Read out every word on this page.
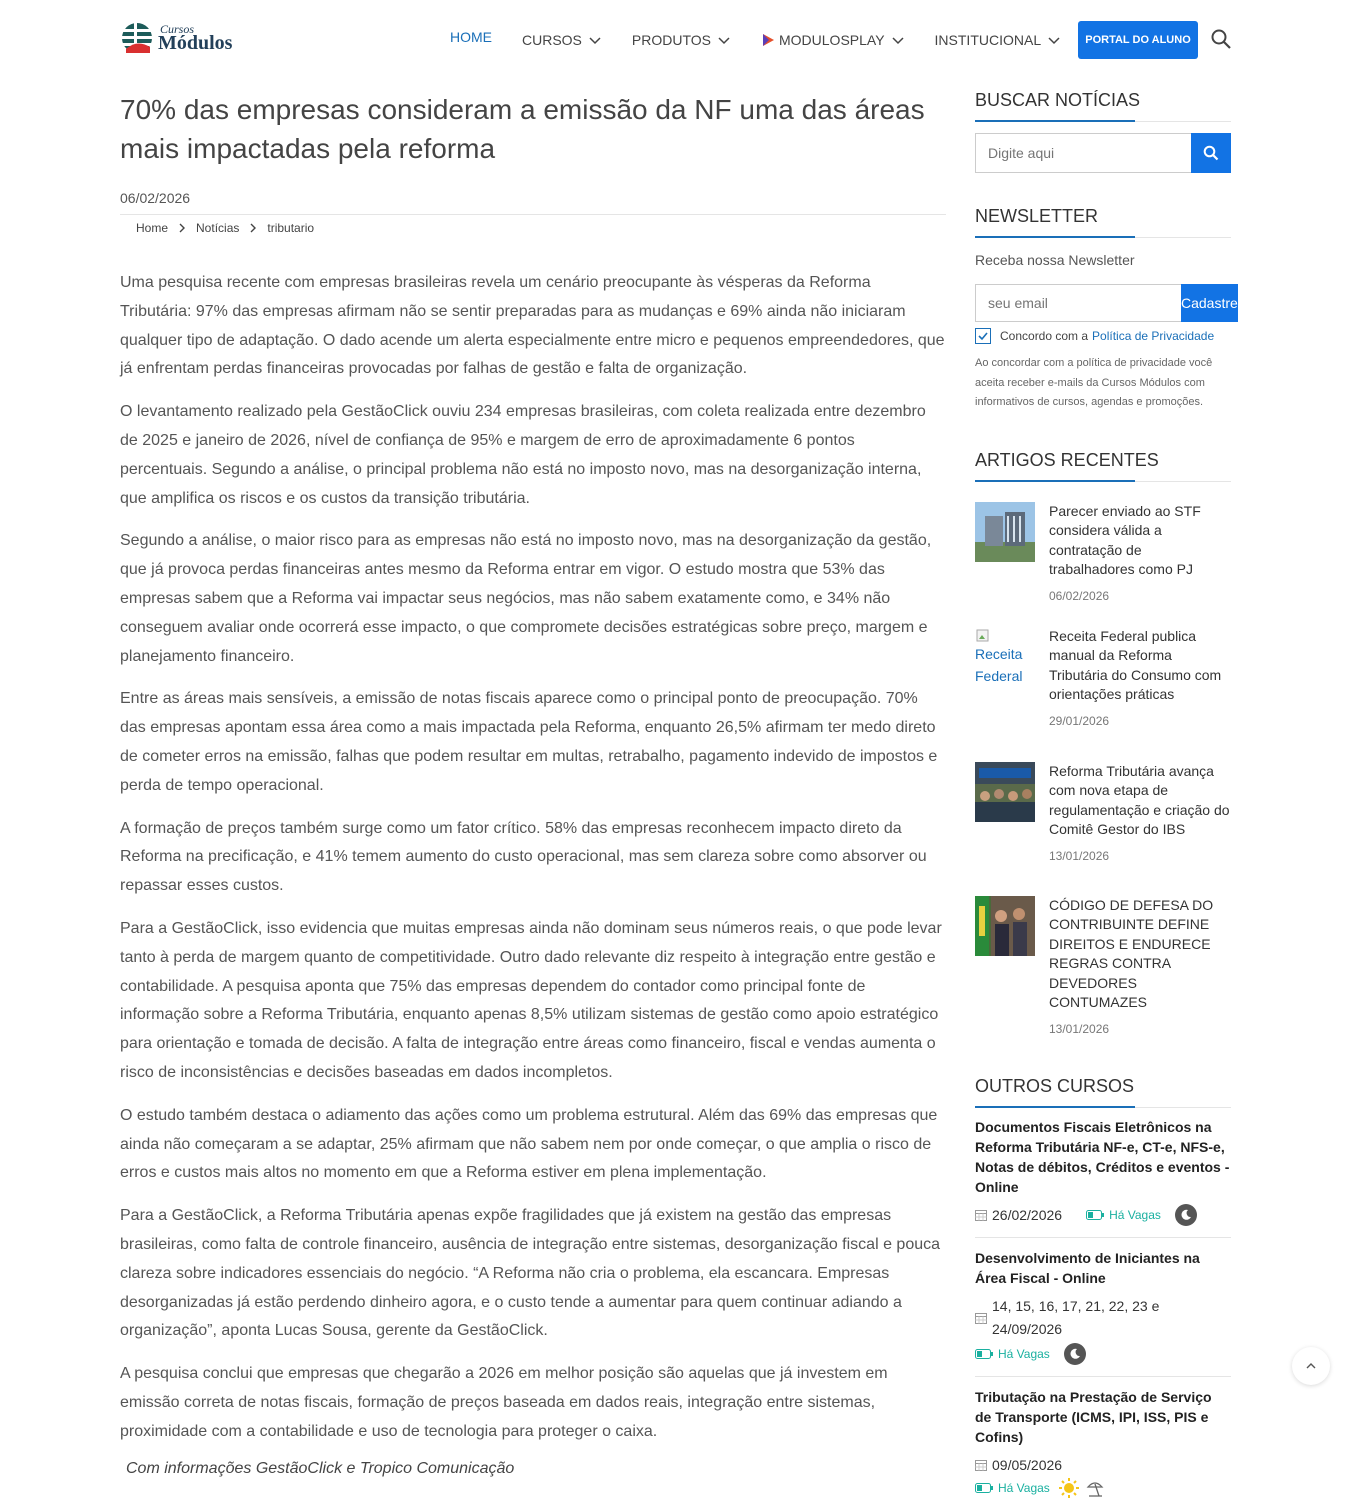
Cursos
Módulos	HOME CURSOS	PRODUTOS	MODULOSPLAY	INSTITUCIONAL	PORTAL DO ALUNO
70% das empresas consideram a emissão da NF uma das áreas mais impactadas pela reforma
06/02/2026
Home Notícias tributario

Uma pesquisa recente com empresas brasileiras revela um cenário preocupante às vésperas da Reforma Tributária: 97% das empresas afirmam não se sentir preparadas para as mudanças e 69% ainda não iniciaram qualquer tipo de adaptação. O dado acende um alerta especialmente entre micro e pequenos empreendedores, que já enfrentam perdas financeiras provocadas por falhas de gestão e falta de organização.

O levantamento realizado pela GestãoClick ouviu 234 empresas brasileiras, com coleta realizada entre dezembro de 2025 e janeiro de 2026, nível de confiança de 95% e margem de erro de aproximadamente 6 pontos percentuais. Segundo a análise, o principal problema não está no imposto novo, mas na desorganização interna, que amplifica os riscos e os custos da transição tributária.

Segundo a análise, o maior risco para as empresas não está no imposto novo, mas na desorganização da gestão, que já provoca perdas financeiras antes mesmo da Reforma entrar em vigor. O estudo mostra que 53% das empresas sabem que a Reforma vai impactar seus negócios, mas não sabem exatamente como, e 34% não conseguem avaliar onde ocorrerá esse impacto, o que compromete decisões estratégicas sobre preço, margem e planejamento financeiro.

Entre as áreas mais sensíveis, a emissão de notas fiscais aparece como o principal ponto de preocupação. 70% das empresas apontam essa área como a mais impactada pela Reforma, enquanto 26,5% afirmam ter medo direto de cometer erros na emissão, falhas que podem resultar em multas, retrabalho, pagamento indevido de impostos e perda de tempo operacional.

A formação de preços também surge como um fator crítico. 58% das empresas reconhecem impacto direto da Reforma na precificação, e 41% temem aumento do custo operacional, mas sem clareza sobre como absorver ou repassar esses custos.

Para a GestãoClick, isso evidencia que muitas empresas ainda não dominam seus números reais, o que pode levar tanto à perda de margem quanto de competitividade. Outro dado relevante diz respeito à integração entre gestão e contabilidade. A pesquisa aponta que 75% das empresas dependem do contador como principal fonte de informação sobre a Reforma Tributária, enquanto apenas 8,5% utilizam sistemas de gestão como apoio estratégico para orientação e tomada de decisão. A falta de integração entre áreas como financeiro, fiscal e vendas aumenta o risco de inconsistências e decisões baseadas em dados incompletos.

O estudo também destaca o adiamento das ações como um problema estrutural. Além das 69% das empresas que ainda não começaram a se adaptar, 25% afirmam que não sabem nem por onde começar, o que amplia o risco de erros e custos mais altos no momento em que a Reforma estiver em plena implementação.

Para a GestãoClick, a Reforma Tributária apenas expõe fragilidades que já existem na gestão das empresas brasileiras, como falta de controle financeiro, ausência de integração entre sistemas, desorganização fiscal e pouca clareza sobre indicadores essenciais do negócio. “A Reforma não cria o problema, ela escancara. Empresas desorganizadas já estão perdendo dinheiro agora, e o custo tende a aumentar para quem continuar adiando a organização”, aponta Lucas Sousa, gerente da GestãoClick.

A pesquisa conclui que empresas que chegarão a 2026 em melhor posição são aquelas que já investem em emissão correta de notas fiscais, formação de preços baseada em dados reais, integração entre sistemas, proximidade com a contabilidade e uso de tecnologia para proteger o caixa.

Com informações GestãoClick e Tropico Comunicação
BUSCAR NOTÍCIAS
Digite aqui
NEWSLETTER
Receba nossa Newsletter
seu email
Cadastre
Concordo com a Política de Privacidade
Ao concordar com a política de privacidade você aceita receber e-mails da Cursos Módulos com informativos de cursos, agendas e promoções.
ARTIGOS RECENTES
Parecer enviado ao STF considera válida a contratação de trabalhadores como PJ
06/02/2026
Receita Federal
Receita Federal publica manual da Reforma Tributária do Consumo com orientações práticas
29/01/2026
Reforma Tributária avança com nova etapa de regulamentação e criação do Comitê Gestor do IBS
13/01/2026
CÓDIGO DE DEFESA DO CONTRIBUINTE DEFINE DIREITOS E ENDURECE REGRAS CONTRA DEVEDORES CONTUMAZES
13/01/2026
OUTROS CURSOS
Documentos Fiscais Eletrônicos na Reforma Tributária NF-e, CT-e, NFS-e, Notas de débitos, Créditos e eventos - Online
26/02/2026	Há Vagas
Desenvolvimento de Iniciantes na Área Fiscal - Online
14, 15, 16, 17, 21, 22, 23 e 24/09/2026
Há Vagas
Tributação na Prestação de Serviço de Transporte (ICMS, IPI, ISS, PIS e Cofins)
09/05/2026
Há Vagas
